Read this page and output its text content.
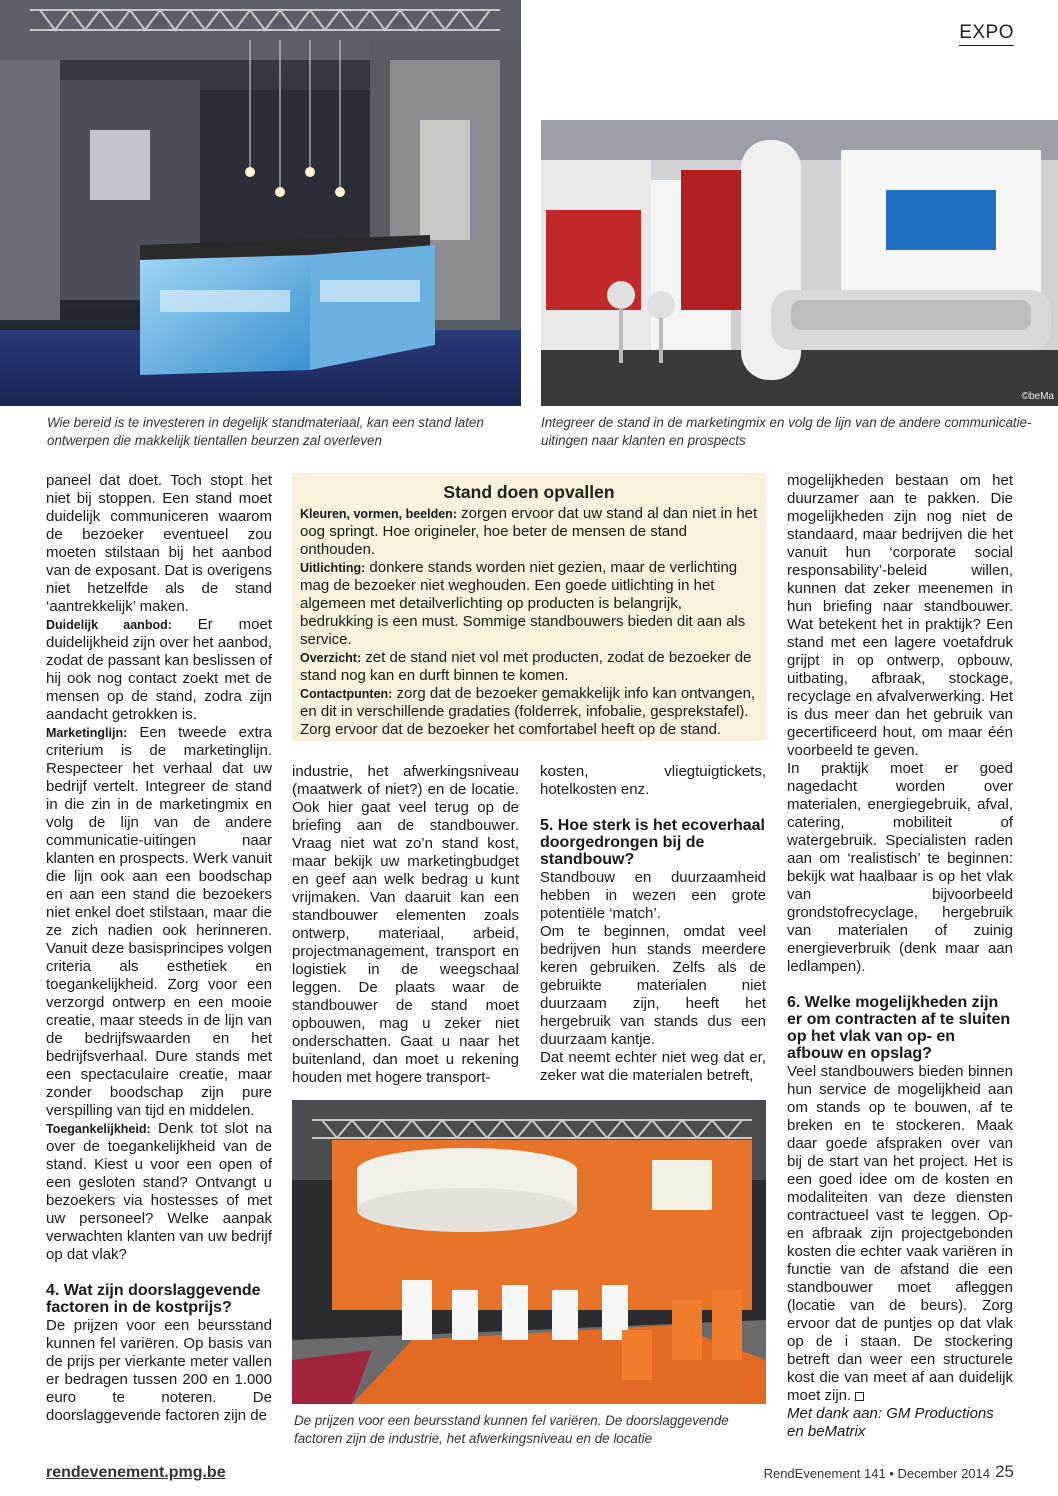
EXPO
©beMa
Wie bereid is te investeren in degelijk standmateriaal, kan een stand laten ontwerpen die makkelijk tientallen beurzen zal overleven
Integreer de stand in de marketingmix en volg de lijn van de andere communicatie-uitingen naar klanten en prospects

paneel dat doet. Toch stopt het niet bij stoppen. Een stand moet duidelijk communiceren waarom de bezoeker eventueel zou moeten stilstaan bij het aanbod van de exposant. Dat is overigens niet hetzelfde als de stand ‘aantrekkelijk’ maken.

Duidelijk aanbod: Er moet duidelijkheid zijn over het aanbod, zodat de passant kan beslissen of hij ook nog contact zoekt met de mensen op de stand, zodra zijn aandacht getrokken is.

Marketinglijn: Een tweede extra criterium is de marketinglijn. Respecteer het verhaal dat uw bedrijf vertelt. Integreer de stand in die zin in de marketingmix en volg de lijn van de andere communicatie-uitingen naar klanten en prospects. Werk vanuit die lijn ook aan een boodschap en aan een stand die bezoekers niet enkel doet stilstaan, maar die ze zich nadien ook herinneren. Vanuit deze basisprincipes volgen criteria als esthetiek en toegankelijkheid. Zorg voor een verzorgd ontwerp en een mooie creatie, maar steeds in de lijn van de bedrijfswaarden en het bedrijfsverhaal. Dure stands met een spectaculaire creatie, maar zonder boodschap zijn pure verspilling van tijd en middelen.

Toegankelijkheid: Denk tot slot na over de toegankelijkheid van de stand. Kiest u voor een open of een gesloten stand? Ontvangt u bezoekers via hostesses of met uw personeel? Welke aanpak verwachten klanten van uw bedrijf op dat vlak?

4. Wat zijn doorslaggevende factoren in de kostprijs?

De prijzen voor een beursstand kunnen fel variëren. Op basis van de prijs per vierkante meter vallen er bedragen tussen 200 en 1.000 euro te noteren. De doorslaggevende factoren zijn de

Stand doen opvallen

Kleuren, vormen, beelden: zorgen ervoor dat uw stand al dan niet in het oog springt. Hoe origineler, hoe beter de mensen de stand onthouden.

Uitlichting: donkere stands worden niet gezien, maar de verlichting mag de bezoeker niet weghouden. Een goede uitlichting in het algemeen met detailverlichting op producten is belangrijk, bedrukking is een must. Sommige standbouwers bieden dit aan als service.

Overzicht: zet de stand niet vol met producten, zodat de bezoeker de stand nog kan en durft binnen te komen.

Contactpunten: zorg dat de bezoeker gemakkelijk info kan ontvangen, en dit in verschillende gradaties (folderrek, infobalie, gesprekstafel). Zorg ervoor dat de bezoeker het comfortabel heeft op de stand.

industrie, het afwerkingsniveau (maatwerk of niet?) en de locatie. Ook hier gaat veel terug op de briefing aan de standbouwer. Vraag niet wat zo’n stand kost, maar bekijk uw marketingbudget en geef aan welk bedrag u kunt vrijmaken. Van daaruit kan een standbouwer elementen zoals ontwerp, materiaal, arbeid, projectmanagement, transport en logistiek in de weegschaal leggen. De plaats waar de standbouwer de stand moet opbouwen, mag u zeker niet onderschatten. Gaat u naar het buitenland, dan moet u rekening houden met hogere transport-

kosten, vliegtuigtickets, hotelkosten enz.

5. Hoe sterk is het ecoverhaal doorgedrongen bij de standbouw?

Standbouw en duurzaamheid hebben in wezen een grote potentiële ‘match’.

Om te beginnen, omdat veel bedrijven hun stands meerdere keren gebruiken. Zelfs als de gebruikte materialen niet duurzaam zijn, heeft het hergebruik van stands dus een duurzaam kantje.

Dat neemt echter niet weg dat er, zeker wat die materialen betreft,

De prijzen voor een beursstand kunnen fel variëren. De doorslaggevende factoren zijn de industrie, het afwerkingsniveau en de locatie

mogelijkheden bestaan om het duurzamer aan te pakken. Die mogelijkheden zijn nog niet de standaard, maar bedrijven die het vanuit hun ‘corporate social responsability’-beleid willen, kunnen dat zeker meenemen in hun briefing naar standbouwer. Wat betekent het in praktijk? Een stand met een lagere voetafdruk grijpt in op ontwerp, opbouw, uitbating, afbraak, stockage, recyclage en afvalverwerking. Het is dus meer dan het gebruik van gecertificeerd hout, om maar één voorbeeld te geven.

In praktijk moet er goed nagedacht worden over materialen, energiegebruik, afval, catering, mobiliteit of watergebruik. Specialisten raden aan om ‘realistisch’ te beginnen: bekijk wat haalbaar is op het vlak van bijvoorbeeld grondstofrecyclage, hergebruik van materialen of zuinig energieverbruik (denk maar aan ledlampen).

6. Welke mogelijkheden zijn er om contracten af te sluiten op het vlak van op- en afbouw en opslag?

Veel standbouwers bieden binnen hun service de mogelijkheid aan om stands op te bouwen, af te breken en te stockeren. Maak daar goede afspraken over van bij de start van het project. Het is een goed idee om de kosten en modaliteiten van deze diensten contractueel vast te leggen. Op- en afbraak zijn projectgebonden kosten die echter vaak variëren in functie van de afstand die een standbouwer moet afleggen (locatie van de beurs). Zorg ervoor dat de puntjes op dat vlak op de i staan. De stockering betreft dan weer een structurele kost die van meet af aan duidelijk moet zijn.

Met dank aan: GM Productions en beMatrix

rendevenement.pmg.be	RendEvenement 141 • December 2014 25
